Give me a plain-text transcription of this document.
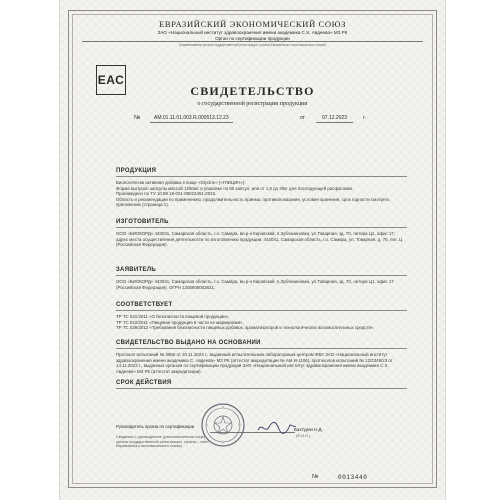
ЕВРАЗИЙСКИЙ ЭКОНОМИЧЕСКИЙ СОЮЗ
ЗАО «Национальный институт здравоохранения имени академика С.Х. Авдеева» МЗ РК
Орган по сертификации продукции
(наименование органа государственной регистрации, страна Евразийского экономического союза)
ЕАС
СВИДЕТЕЛЬСТВО
о государственной регистрации продукции
№	AM.01.11.01.003.R.000513.12.23	от	07.12.2023	г.
ПРОДУКЦИЯ

Биологически активная добавка к пище «Glycine» («ГЛИЦИН»).

Форма выпуска: капсулы массой 1250мг, в упаковке по 60 капсул, или от 1,5 до 30кг для последующей расфасовки.

Произведено по ТУ 10.89.19-021-89022451-2022.

Область и рекомендации по применению, продолжительность приема, противопоказания, условия хранения, срок годности смотреть приложение (страница 1).

ИЗГОТОВИТЕЛЬ

ООО «БИОКОРД» 443041, Самарская область, г.о. Самара, вн.р-н Кировский, п.Зубчаниновка, ул.Товарная, зд. 70, литера Ц1, офис 17; адрес места осуществления деятельности по изготовлению продукции: 443041, Самарская область, г.о. Самара, ул. Товарная, д. 70, лит. Ц (Российская Федерация).

ЗАЯВИТЕЛЬ

ООО «БИОКОРД» 443041, Самарская область, г.о. Самара, вн.р-н Кировский, п.Зубчаниновка, ул.Товарная, зд. 70, литера Ц1, офис 17 (Российская Федерация). ОГРН 1205600002821.

СООТВЕТСТВУЕТ

ТР ТС 021/2011 «О безопасности пищевой продукции»,

ТР ТС 022/2011 «Пищевая продукция в части ее маркировки»,

ТР ТС 029/2012 «Требования безопасности пищевых добавок, ароматизаторов и технологических вспомогательных средств».

СВИДЕТЕЛЬСТВО ВЫДАНО НА ОСНОВАНИИ

Протокол испытаний № 3865 от 20.11.2023 г., выданный испытательным лабораторным центром ФБУ ЗАО «Национальный институт здравоохранения имени академика С. Авдеева» МЗ РК (аттестат аккредитации № AM И-1106), протоколов испытаний № 12/2349/23 от 14.11.2023 г., выданных органом по сертификации продукции ЗАО «Национальный институт здравоохранения имени академика С.Х. Авдеева» МЗ РК (аттестат аккредитации).

СРОК ДЕЙСТВИЯ
Руководитель органа по сертификации
Сведения о руководителе (уполномоченном лице) органа государственной регистрации, страна – член Евразийского экономического союза)
Бахтурян Н.Д.
(Ф.И.О.)
№	0013440
